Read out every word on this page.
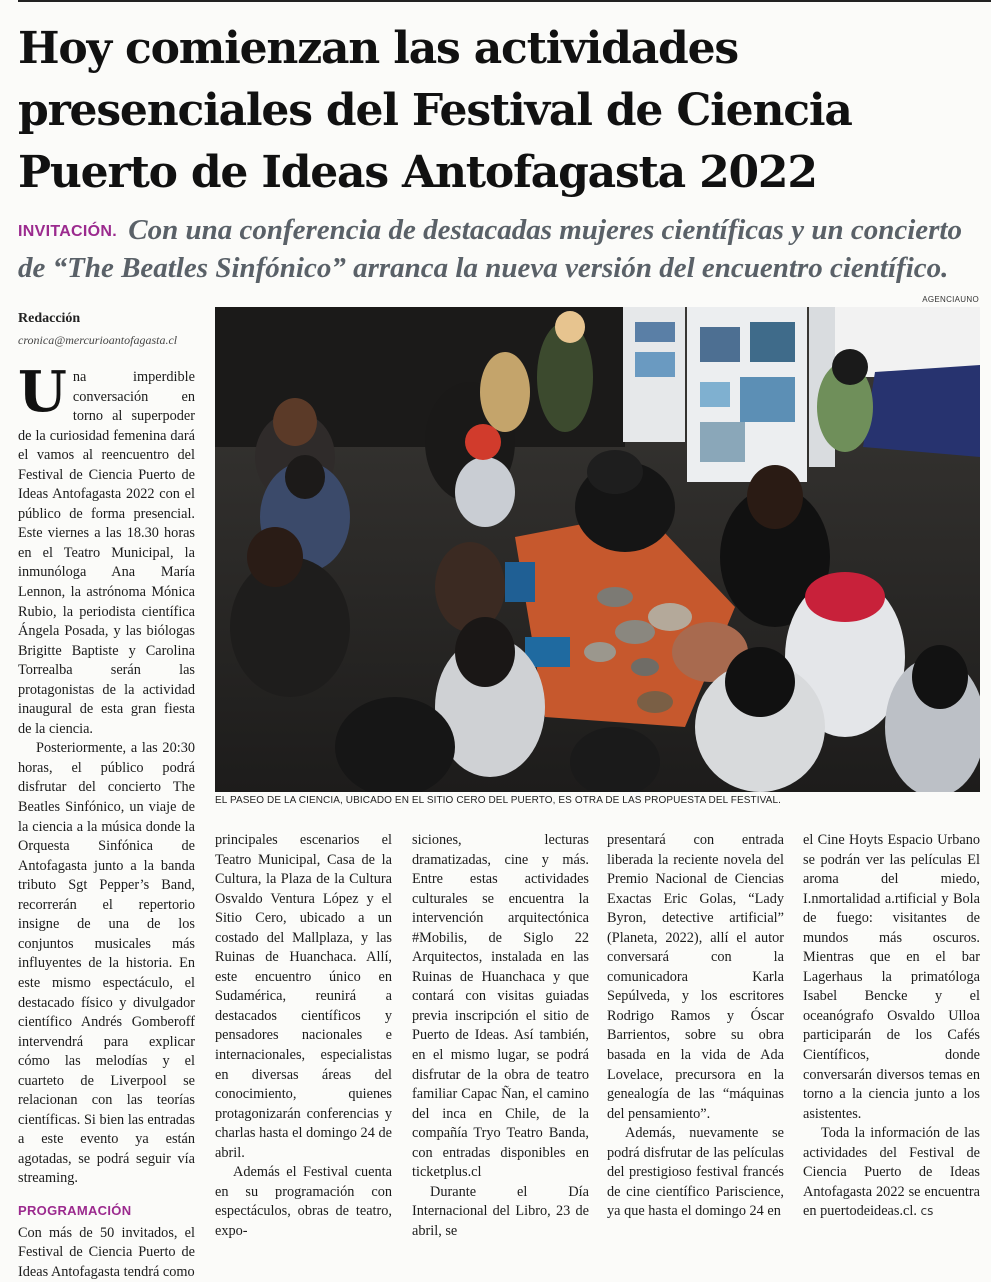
Hoy comienzan las actividades presenciales del Festival de Ciencia Puerto de Ideas Antofagasta 2022
INVITACIÓN. Con una conferencia de destacadas mujeres científicas y un concierto de “The Beatles Sinfónico” arranca la nueva versión del encuentro científico.
AGENCIAUNO
EL PASEO DE LA CIENCIA, UBICADO EN EL SITIO CERO DEL PUERTO, ES OTRA DE LAS PROPUESTA DEL FESTIVAL.
Redacción
cronica@mercurioantofagasta.cl

Una imperdible conversación en torno al superpoder de la curiosidad femenina dará el vamos al reencuentro del Festival de Ciencia Puerto de Ideas Antofagasta 2022 con el público de forma presencial. Este viernes a las 18.30 horas en el Teatro Municipal, la inmunóloga Ana María Lennon, la astrónoma Mónica Rubio, la periodista científica Ángela Posada, y las biólogas Brigitte Baptiste y Carolina Torrealba serán las protagonistas de la actividad inaugural de esta gran fiesta de la ciencia.

Posteriormente, a las 20:30 horas, el público podrá disfrutar del concierto The Beatles Sinfónico, un viaje de la ciencia a la música donde la Orquesta Sinfónica de Antofagasta junto a la banda tributo Sgt Pepper’s Band, recorrerán el repertorio insigne de una de los conjuntos musicales más influyentes de la historia. En este mismo espectáculo, el destacado físico y divulgador científico Andrés Gomberoff intervendrá para explicar cómo las melodías y el cuarteto de Liverpool se relacionan con las teorías científicas. Si bien las entradas a este evento ya están agotadas, se podrá seguir vía streaming.

PROGRAMACIÓN

Con más de 50 invitados, el Festival de Ciencia Puerto de Ideas Antofagasta tendrá como

principales escenarios el Teatro Municipal, Casa de la Cultura, la Plaza de la Cultura Osvaldo Ventura López y el Sitio Cero, ubicado a un costado del Mallplaza, y las Ruinas de Huanchaca. Allí, este encuentro único en Sudamérica, reunirá a destacados científicos y pensadores nacionales e internacionales, especialistas en diversas áreas del conocimiento, quienes protagonizarán conferencias y charlas hasta el domingo 24 de abril.

Además el Festival cuenta en su programación con espectáculos, obras de teatro, expo-

siciones, lecturas dramatizadas, cine y más. Entre estas actividades culturales se encuentra la intervención arquitectónica #Mobilis, de Siglo 22 Arquitectos, instalada en las Ruinas de Huanchaca y que contará con visitas guiadas previa inscripción el sitio de Puerto de Ideas. Así también, en el mismo lugar, se podrá disfrutar de la obra de teatro familiar Capac Ñan, el camino del inca en Chile, de la compañía Tryo Teatro Banda, con entradas disponibles en ticketplus.cl

Durante el Día Internacional del Libro, 23 de abril, se

presentará con entrada liberada la reciente novela del Premio Nacional de Ciencias Exactas Eric Golas, “Lady Byron, detective artificial” (Planeta, 2022), allí el autor conversará con la comunicadora Karla Sepúlveda, y los escritores Rodrigo Ramos y Óscar Barrientos, sobre su obra basada en la vida de Ada Lovelace, precursora en la genealogía de las “máquinas del pensamiento”.

Además, nuevamente se podrá disfrutar de las películas del prestigioso festival francés de cine científico Pariscience, ya que hasta el domingo 24 en

el Cine Hoyts Espacio Urbano se podrán ver las películas El aroma del miedo, I.nmortalidad a.rtificial y Bola de fuego: visitantes de mundos más oscuros. Mientras que en el bar Lagerhaus la primatóloga Isabel Bencke y el oceanógrafo Osvaldo Ulloa participarán de los Cafés Científicos, donde conversarán diversos temas en torno a la ciencia junto a los asistentes.

Toda la información de las actividades del Festival de Ciencia Puerto de Ideas Antofagasta 2022 se encuentra en puertodeideas.cl. cs
